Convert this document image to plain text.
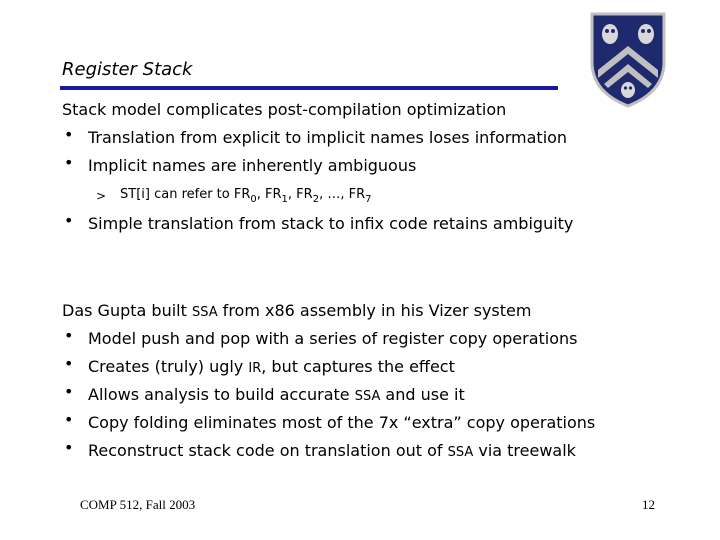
Register Stack
Stack model complicates post-compilation optimization
• Translation from explicit to implicit names loses information
• Implicit names are inherently ambiguous
> ST[i] can refer to $FR_0$, $FR_1$, $FR_2$, …, $FR_7$
• Simple translation from stack to infix code retains ambiguity
Das Gupta built SSA from x86 assembly in his Vizer system
• Model push and pop with a series of register copy operations
• Creates (truly) ugly IR, but captures the effect
• Allows analysis to build accurate SSA and use it
• Copy folding eliminates most of the 7x “extra” copy operations
• Reconstruct stack code on translation out of SSA via treewalk
COMP 512, Fall 2003	12
